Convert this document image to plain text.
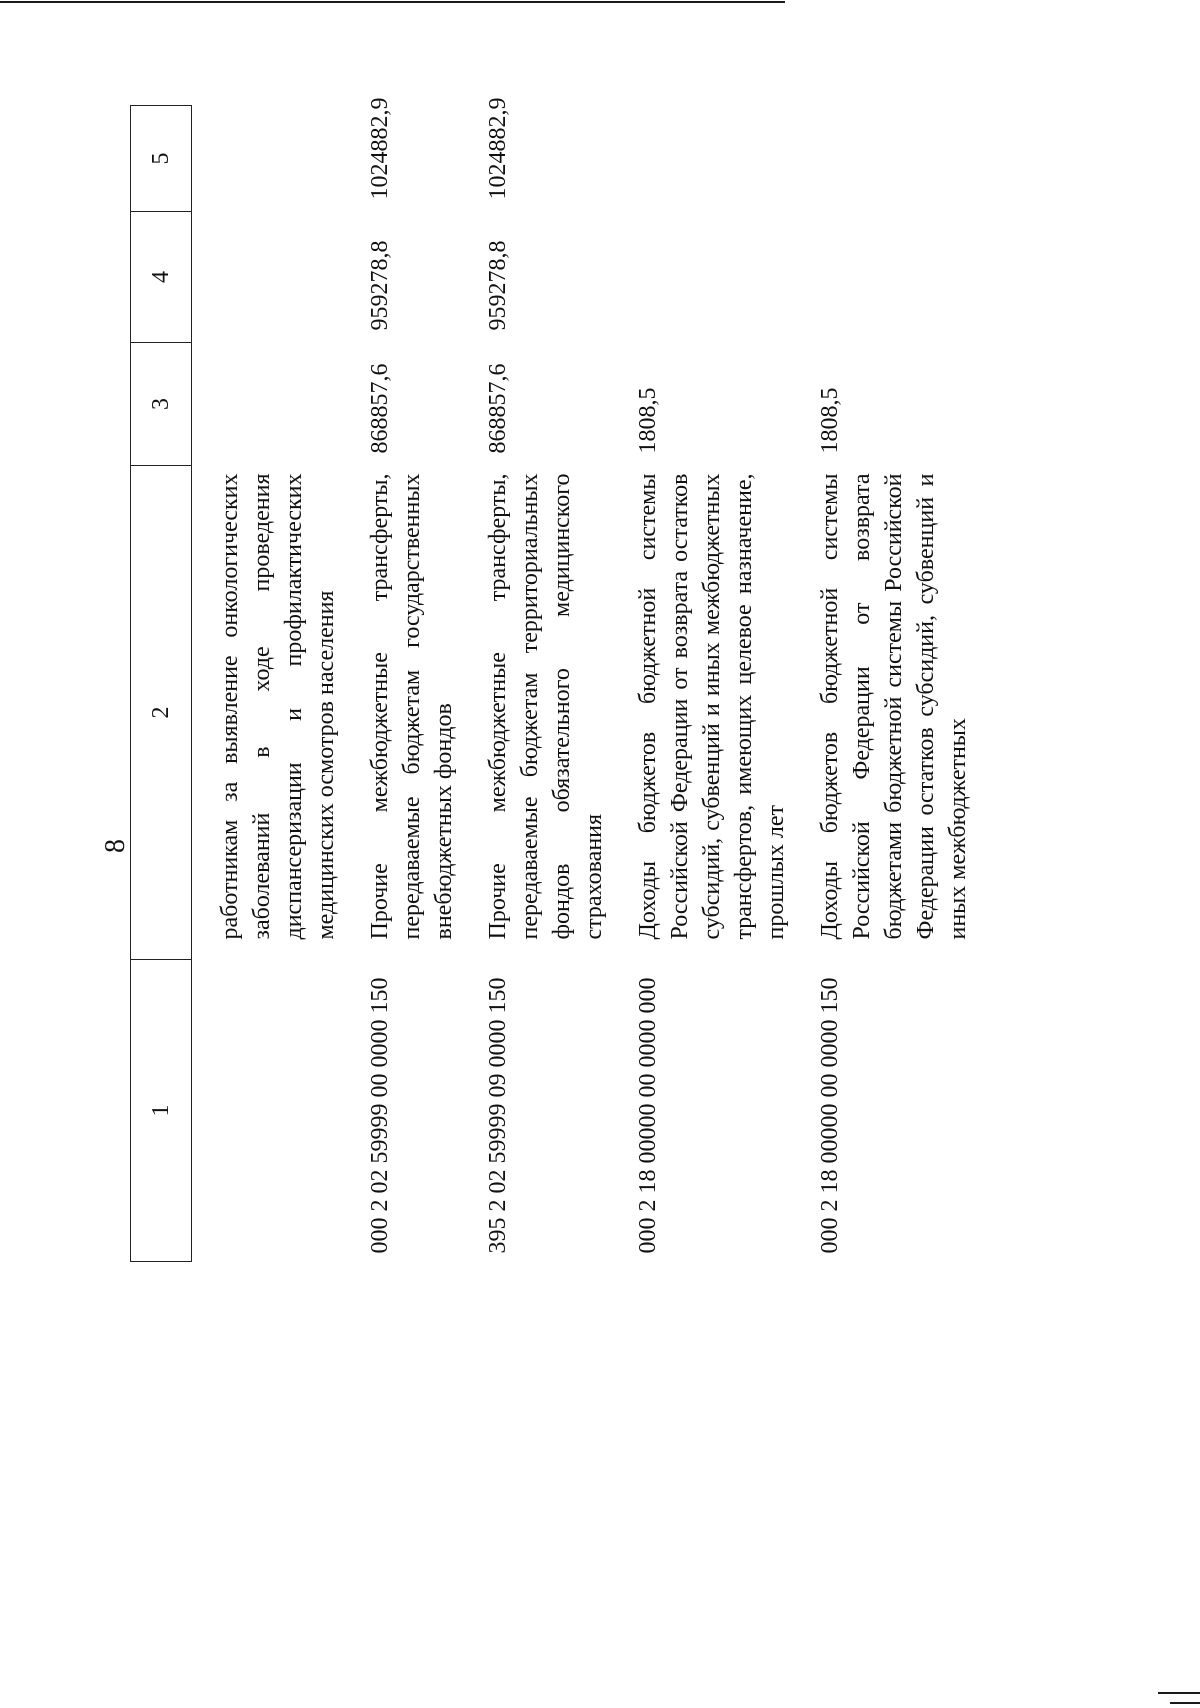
8
1	2	3	4	5

	работникам за выявление онкологических заболеваний в ходе проведения диспансеризации и профилактических медицинских осмотров населения			

000 2 02 59999 00 0000 150	Прочие межбюджетные трансферты, передаваемые бюджетам государственных внебюджетных фондов	868857,6	959278,8	1024882,9

395 2 02 59999 09 0000 150	Прочие межбюджетные трансферты, передаваемые бюджетам территориальных фондов обязательного медицинского страхования	868857,6	959278,8	1024882,9

000 2 18 00000 00 0000 000	Доходы бюджетов бюджетной системы Российской Федерации от возврата остатков субсидий, субвенций и иных межбюджетных трансфертов, имеющих целевое назначение, прошлых лет	1808,5		

000 2 18 00000 00 0000 150	Доходы бюджетов бюджетной системы Российской Федерации от возврата бюджетами бюджетной системы Российской Федерации остатков субсидий, субвенций и иных межбюджетных	1808,5		
